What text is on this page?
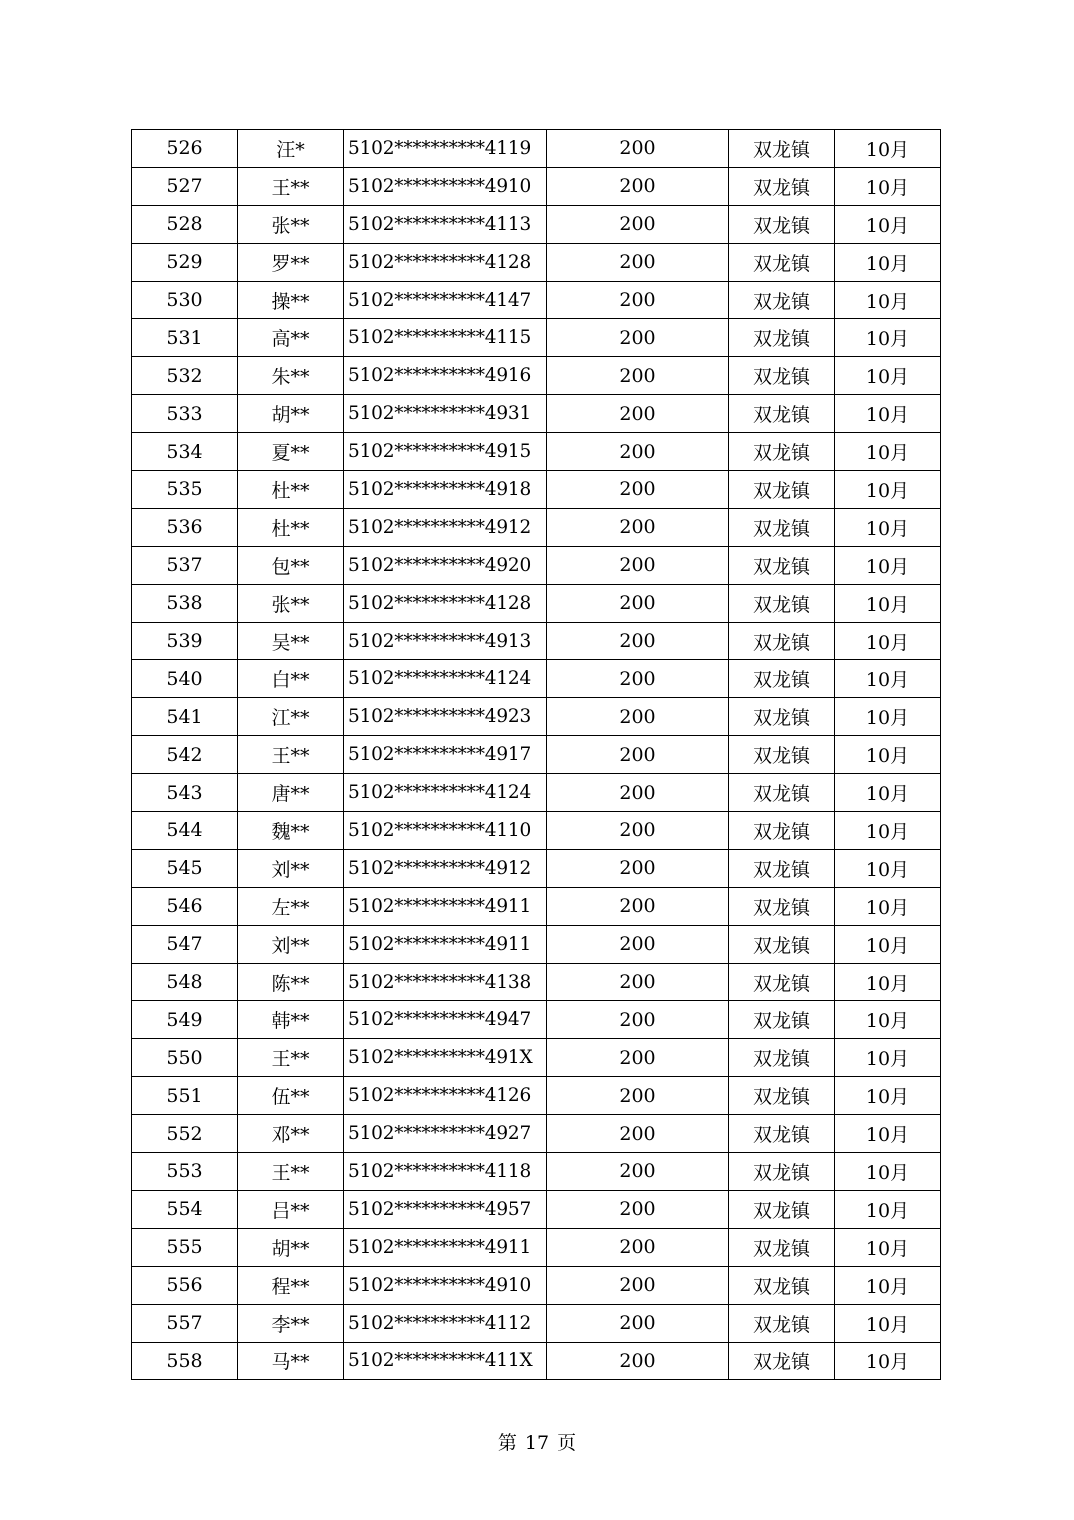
526	汪*	5102**********4119	200	双龙镇	10月
527	王**	5102**********4910	200	双龙镇	10月
528	张**	5102**********4113	200	双龙镇	10月
529	罗**	5102**********4128	200	双龙镇	10月
530	操**	5102**********4147	200	双龙镇	10月
531	高**	5102**********4115	200	双龙镇	10月
532	朱**	5102**********4916	200	双龙镇	10月
533	胡**	5102**********4931	200	双龙镇	10月
534	夏**	5102**********4915	200	双龙镇	10月
535	杜**	5102**********4918	200	双龙镇	10月
536	杜**	5102**********4912	200	双龙镇	10月
537	包**	5102**********4920	200	双龙镇	10月
538	张**	5102**********4128	200	双龙镇	10月
539	吴**	5102**********4913	200	双龙镇	10月
540	白**	5102**********4124	200	双龙镇	10月
541	江**	5102**********4923	200	双龙镇	10月
542	王**	5102**********4917	200	双龙镇	10月
543	唐**	5102**********4124	200	双龙镇	10月
544	魏**	5102**********4110	200	双龙镇	10月
545	刘**	5102**********4912	200	双龙镇	10月
546	左**	5102**********4911	200	双龙镇	10月
547	刘**	5102**********4911	200	双龙镇	10月
548	陈**	5102**********4138	200	双龙镇	10月
549	韩**	5102**********4947	200	双龙镇	10月
550	王**	5102**********491X	200	双龙镇	10月
551	伍**	5102**********4126	200	双龙镇	10月
552	邓**	5102**********4927	200	双龙镇	10月
553	王**	5102**********4118	200	双龙镇	10月
554	吕**	5102**********4957	200	双龙镇	10月
555	胡**	5102**********4911	200	双龙镇	10月
556	程**	5102**********4910	200	双龙镇	10月
557	李**	5102**********4112	200	双龙镇	10月
558	马**	5102**********411X	200	双龙镇	10月
第 17 页
